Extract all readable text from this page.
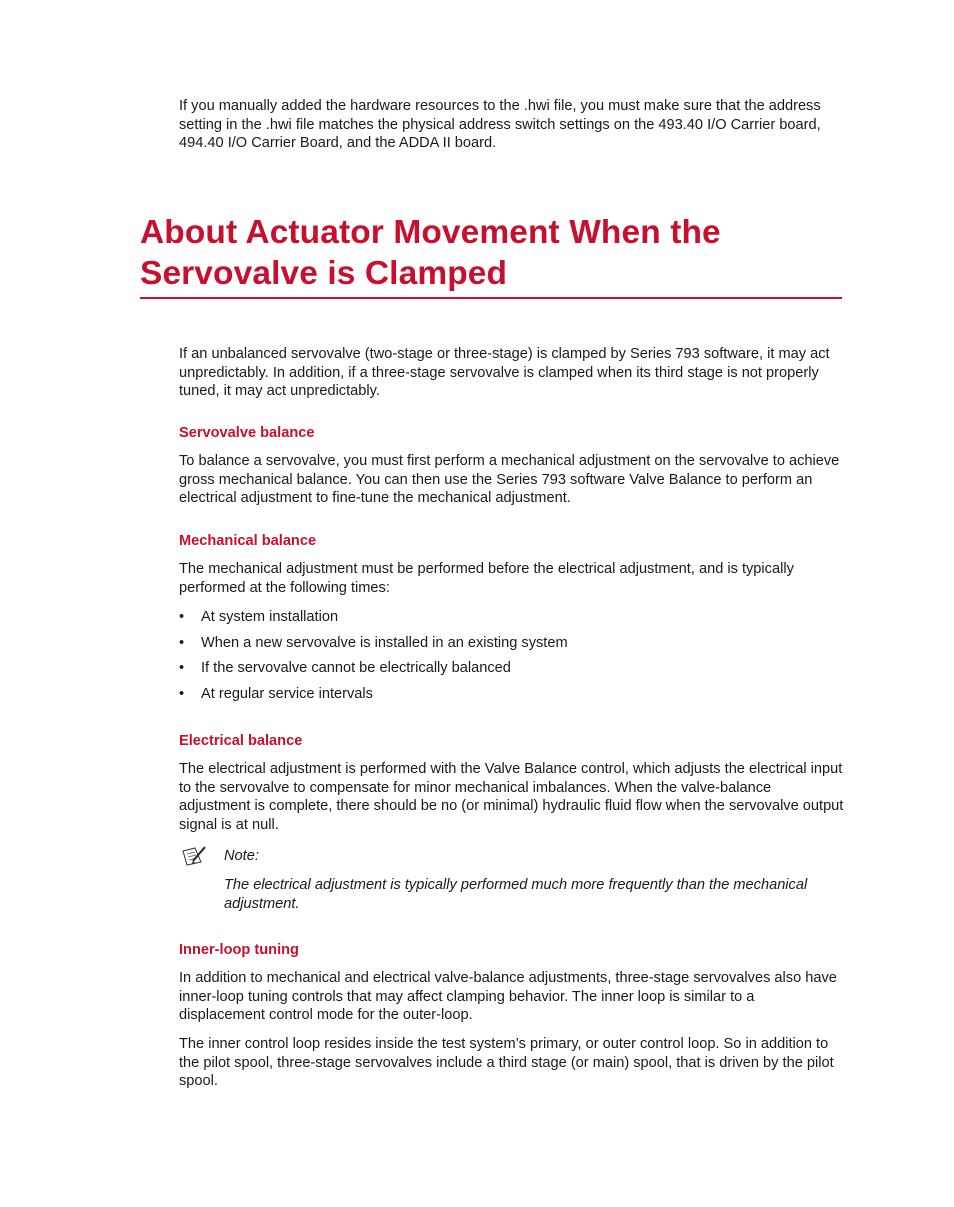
If you manually added the hardware resources to the .hwi file, you must make sure that the address setting in the .hwi file matches the physical address switch settings on the 493.40 I/O Carrier board, 494.40 I/O Carrier Board, and the ADDA II board.

About Actuator Movement When the
Servovalve is Clamped

If an unbalanced servovalve (two-stage or three-stage) is clamped by Series 793 software, it may act unpredictably. In addition, if a three-stage servovalve is clamped when its third stage is not properly tuned, it may act unpredictably.

Servovalve balance

To balance a servovalve, you must first perform a mechanical adjustment on the servovalve to achieve gross mechanical balance. You can then use the Series 793 software Valve Balance to perform an electrical adjustment to fine-tune the mechanical adjustment.

Mechanical balance

The mechanical adjustment must be performed before the electrical adjustment, and is typically performed at the following times:

•	At system installation
•	When a new servovalve is installed in an existing system
•	If the servovalve cannot be electrically balanced
•	At regular service intervals
Electrical balance

The electrical adjustment is performed with the Valve Balance control, which adjusts the electrical input to the servovalve to compensate for minor mechanical imbalances. When the valve-balance adjustment is complete, there should be no (or minimal) hydraulic fluid flow when the servovalve output signal is at null.

Note:

The electrical adjustment is typically performed much more frequently than the mechanical adjustment.

Inner-loop tuning

In addition to mechanical and electrical valve-balance adjustments, three-stage servovalves also have inner-loop tuning controls that may affect clamping behavior. The inner loop is similar to a displacement control mode for the outer-loop.

The inner control loop resides inside the test system’s primary, or outer control loop. So in addition to the pilot spool, three-stage servovalves include a third stage (or main) spool, that is driven by the pilot spool.
